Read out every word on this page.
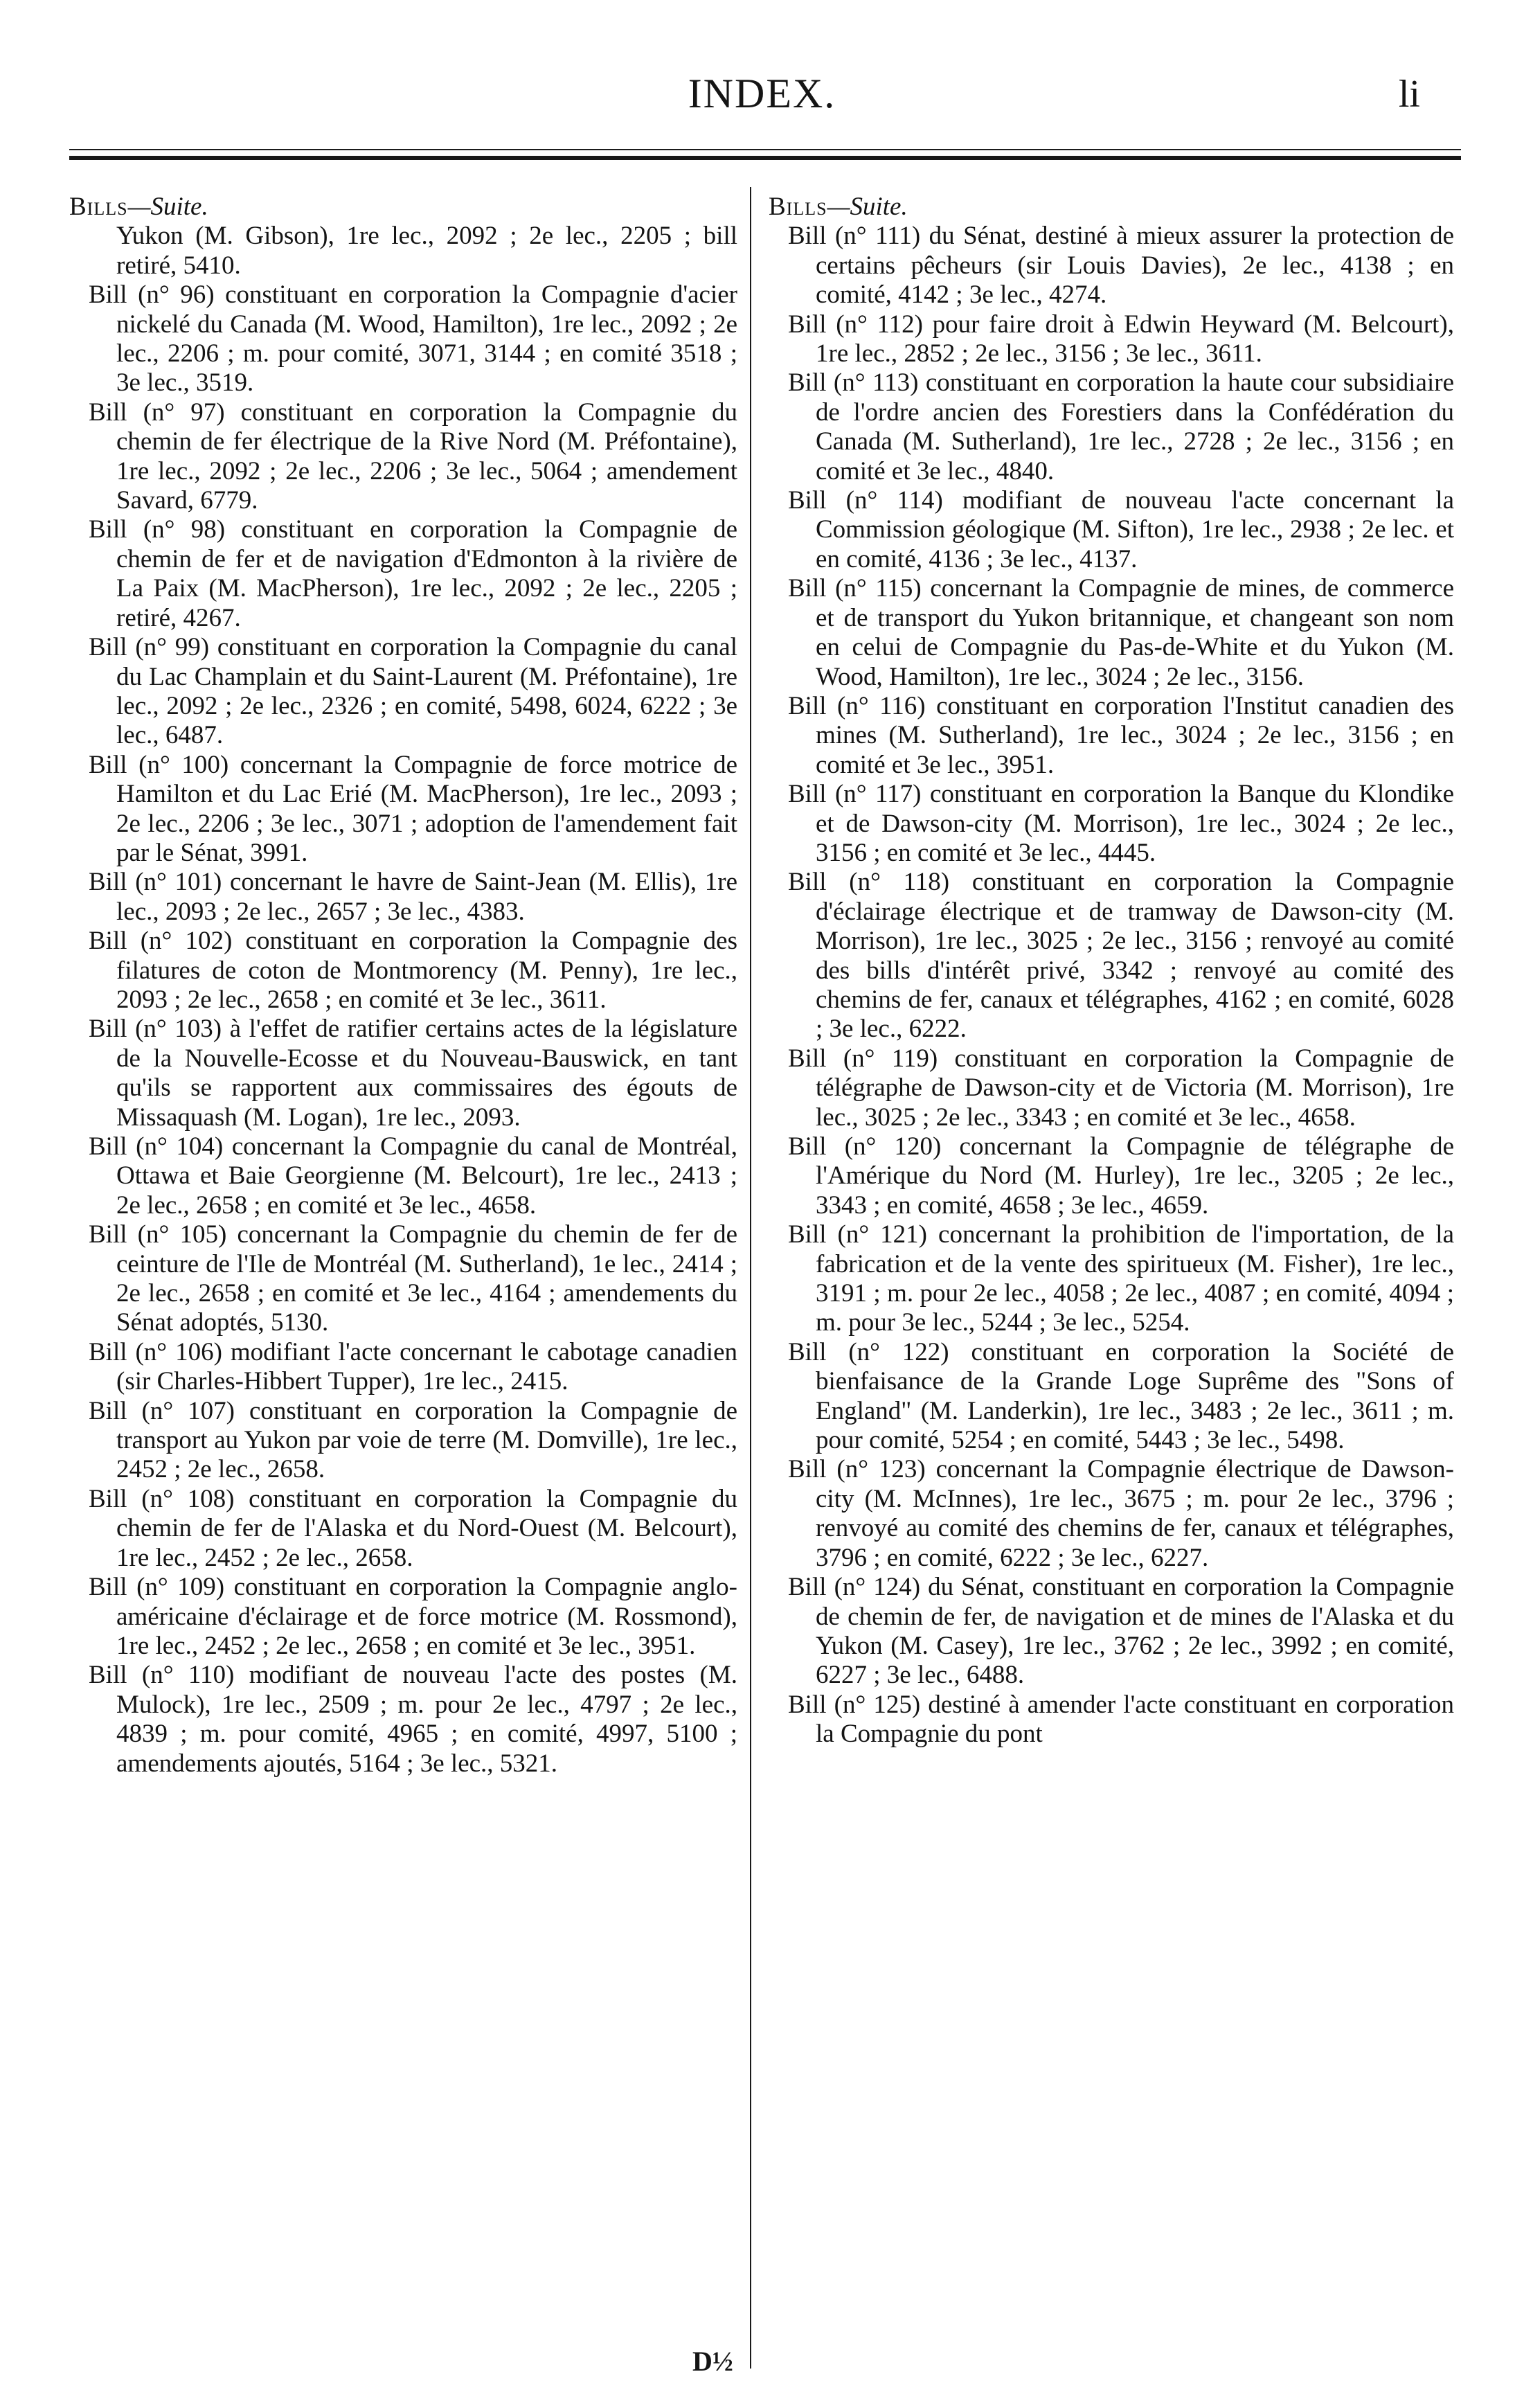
INDEX.	li
Bills—Suite.

Yukon (M. Gibson), 1re lec., 2092 ; 2e lec., 2205 ; bill retiré, 5410.

Bill (n° 96) constituant en corporation la Compagnie d'acier nickelé du Canada (M. Wood, Hamilton), 1re lec., 2092 ; 2e lec., 2206 ; m. pour comité, 3071, 3144 ; en comité 3518 ; 3e lec., 3519.

Bill (n° 97) constituant en corporation la Compagnie du chemin de fer électrique de la Rive Nord (M. Préfontaine), 1re lec., 2092 ; 2e lec., 2206 ; 3e lec., 5064 ; amendement Savard, 6779.

Bill (n° 98) constituant en corporation la Compagnie de chemin de fer et de navigation d'Edmonton à la rivière de La Paix (M. MacPherson), 1re lec., 2092 ; 2e lec., 2205 ; retiré, 4267.

Bill (n° 99) constituant en corporation la Compagnie du canal du Lac Champlain et du Saint-Laurent (M. Préfontaine), 1re lec., 2092 ; 2e lec., 2326 ; en comité, 5498, 6024, 6222 ; 3e lec., 6487.

Bill (n° 100) concernant la Compagnie de force motrice de Hamilton et du Lac Erié (M. MacPherson), 1re lec., 2093 ; 2e lec., 2206 ; 3e lec., 3071 ; adoption de l'amendement fait par le Sénat, 3991.

Bill (n° 101) concernant le havre de Saint-Jean (M. Ellis), 1re lec., 2093 ; 2e lec., 2657 ; 3e lec., 4383.

Bill (n° 102) constituant en corporation la Compagnie des filatures de coton de Montmorency (M. Penny), 1re lec., 2093 ; 2e lec., 2658 ; en comité et 3e lec., 3611.

Bill (n° 103) à l'effet de ratifier certains actes de la législature de la Nouvelle-Ecosse et du Nouveau-Bauswick, en tant qu'ils se rapportent aux commissaires des égouts de Missaquash (M. Logan), 1re lec., 2093.

Bill (n° 104) concernant la Compagnie du canal de Montréal, Ottawa et Baie Georgienne (M. Belcourt), 1re lec., 2413 ; 2e lec., 2658 ; en comité et 3e lec., 4658.

Bill (n° 105) concernant la Compagnie du chemin de fer de ceinture de l'Ile de Montréal (M. Sutherland), 1e lec., 2414 ; 2e lec., 2658 ; en comité et 3e lec., 4164 ; amendements du Sénat adoptés, 5130.

Bill (n° 106) modifiant l'acte concernant le cabotage canadien (sir Charles-Hibbert Tupper), 1re lec., 2415.

Bill (n° 107) constituant en corporation la Compagnie de transport au Yukon par voie de terre (M. Domville), 1re lec., 2452 ; 2e lec., 2658.

Bill (n° 108) constituant en corporation la Compagnie du chemin de fer de l'Alaska et du Nord-Ouest (M. Belcourt), 1re lec., 2452 ; 2e lec., 2658.

Bill (n° 109) constituant en corporation la Compagnie anglo-américaine d'éclairage et de force motrice (M. Rossmond), 1re lec., 2452 ; 2e lec., 2658 ; en comité et 3e lec., 3951.

Bill (n° 110) modifiant de nouveau l'acte des postes (M. Mulock), 1re lec., 2509 ; m. pour 2e lec., 4797 ; 2e lec., 4839 ; m. pour comité, 4965 ; en comité, 4997, 5100 ; amendements ajoutés, 5164 ; 3e lec., 5321.

Bills—Suite.

Bill (n° 111) du Sénat, destiné à mieux assurer la protection de certains pêcheurs (sir Louis Davies), 2e lec., 4138 ; en comité, 4142 ; 3e lec., 4274.

Bill (n° 112) pour faire droit à Edwin Heyward (M. Belcourt), 1re lec., 2852 ; 2e lec., 3156 ; 3e lec., 3611.

Bill (n° 113) constituant en corporation la haute cour subsidiaire de l'ordre ancien des Forestiers dans la Confédération du Canada (M. Sutherland), 1re lec., 2728 ; 2e lec., 3156 ; en comité et 3e lec., 4840.

Bill (n° 114) modifiant de nouveau l'acte concernant la Commission géologique (M. Sifton), 1re lec., 2938 ; 2e lec. et en comité, 4136 ; 3e lec., 4137.

Bill (n° 115) concernant la Compagnie de mines, de commerce et de transport du Yukon britannique, et changeant son nom en celui de Compagnie du Pas-de-White et du Yukon (M. Wood, Hamilton), 1re lec., 3024 ; 2e lec., 3156.

Bill (n° 116) constituant en corporation l'Institut canadien des mines (M. Sutherland), 1re lec., 3024 ; 2e lec., 3156 ; en comité et 3e lec., 3951.

Bill (n° 117) constituant en corporation la Banque du Klondike et de Dawson-city (M. Morrison), 1re lec., 3024 ; 2e lec., 3156 ; en comité et 3e lec., 4445.

Bill (n° 118) constituant en corporation la Compagnie d'éclairage électrique et de tramway de Dawson-city (M. Morrison), 1re lec., 3025 ; 2e lec., 3156 ; renvoyé au comité des bills d'intérêt privé, 3342 ; renvoyé au comité des chemins de fer, canaux et télégraphes, 4162 ; en comité, 6028 ; 3e lec., 6222.

Bill (n° 119) constituant en corporation la Compagnie de télégraphe de Dawson-city et de Victoria (M. Morrison), 1re lec., 3025 ; 2e lec., 3343 ; en comité et 3e lec., 4658.

Bill (n° 120) concernant la Compagnie de télégraphe de l'Amérique du Nord (M. Hurley), 1re lec., 3205 ; 2e lec., 3343 ; en comité, 4658 ; 3e lec., 4659.

Bill (n° 121) concernant la prohibition de l'importation, de la fabrication et de la vente des spiritueux (M. Fisher), 1re lec., 3191 ; m. pour 2e lec., 4058 ; 2e lec., 4087 ; en comité, 4094 ; m. pour 3e lec., 5244 ; 3e lec., 5254.

Bill (n° 122) constituant en corporation la Société de bienfaisance de la Grande Loge Suprême des "Sons of England" (M. Landerkin), 1re lec., 3483 ; 2e lec., 3611 ; m. pour comité, 5254 ; en comité, 5443 ; 3e lec., 5498.

Bill (n° 123) concernant la Compagnie électrique de Dawson-city (M. McInnes), 1re lec., 3675 ; m. pour 2e lec., 3796 ; renvoyé au comité des chemins de fer, canaux et télégraphes, 3796 ; en comité, 6222 ; 3e lec., 6227.

Bill (n° 124) du Sénat, constituant en corporation la Compagnie de chemin de fer, de navigation et de mines de l'Alaska et du Yukon (M. Casey), 1re lec., 3762 ; 2e lec., 3992 ; en comité, 6227 ; 3e lec., 6488.

Bill (n° 125) destiné à amender l'acte constituant en corporation la Compagnie du pont

D½
